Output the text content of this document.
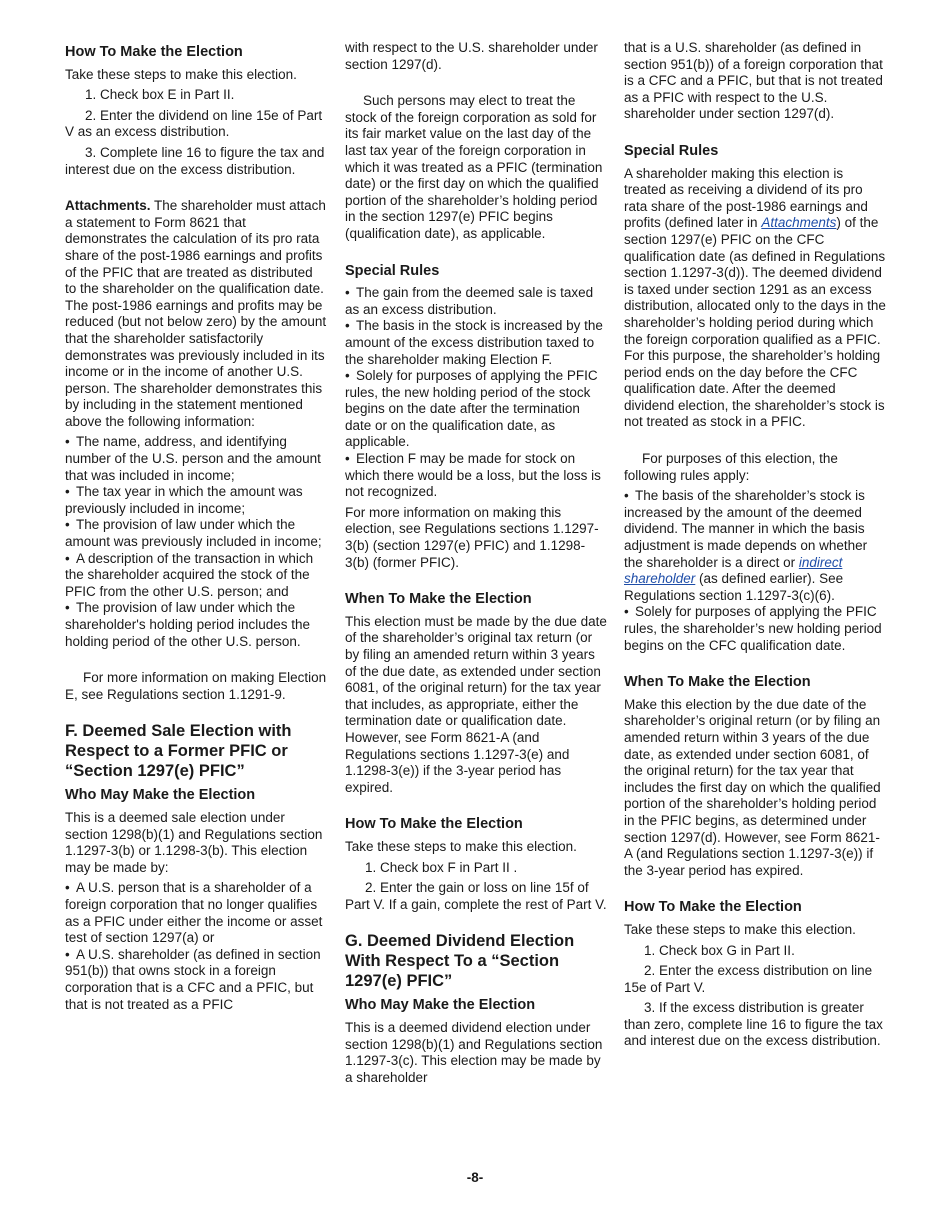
How To Make the Election
Take these steps to make this election.
1. Check box E in Part II.
2. Enter the dividend on line 15e of Part V as an excess distribution.
3. Complete line 16 to figure the tax and interest due on the excess distribution.
Attachments. The shareholder must attach a statement to Form 8621 that demonstrates the calculation of its pro rata share of the post-1986 earnings and profits of the PFIC that are treated as distributed to the shareholder on the qualification date. The post-1986 earnings and profits may be reduced (but not below zero) by the amount that the shareholder satisfactorily demonstrates was previously included in its income or in the income of another U.S. person. The shareholder demonstrates this by including in the statement mentioned above the following information:
• The name, address, and identifying number of the U.S. person and the amount that was included in income;
• The tax year in which the amount was previously included in income;
• The provision of law under which the amount was previously included in income;
• A description of the transaction in which the shareholder acquired the stock of the PFIC from the other U.S. person; and
• The provision of law under which the shareholder's holding period includes the holding period of the other U.S. person.
For more information on making Election E, see Regulations section 1.1291-9.
F. Deemed Sale Election with Respect to a Former PFIC or “Section 1297(e) PFIC”
Who May Make the Election
This is a deemed sale election under section 1298(b)(1) and Regulations section 1.1297-3(b) or 1.1298-3(b). This election may be made by:
• A U.S. person that is a shareholder of a foreign corporation that no longer qualifies as a PFIC under either the income or asset test of section 1297(a) or
• A U.S. shareholder (as defined in section 951(b)) that owns stock in a foreign corporation that is a CFC and a PFIC, but that is not treated as a PFIC
with respect to the U.S. shareholder under section 1297(d).
Such persons may elect to treat the stock of the foreign corporation as sold for its fair market value on the last day of the last tax year of the foreign corporation in which it was treated as a PFIC (termination date) or the first day on which the qualified portion of the shareholder’s holding period in the section 1297(e) PFIC begins (qualification date), as applicable.
Special Rules
• The gain from the deemed sale is taxed as an excess distribution.
• The basis in the stock is increased by the amount of the excess distribution taxed to the shareholder making Election F.
• Solely for purposes of applying the PFIC rules, the new holding period of the stock begins on the date after the termination date or on the qualification date, as applicable.
• Election F may be made for stock on which there would be a loss, but the loss is not recognized.
For more information on making this election, see Regulations sections 1.1297-3(b) (section 1297(e) PFIC) and 1.1298-3(b) (former PFIC).
When To Make the Election
This election must be made by the due date of the shareholder’s original tax return (or by filing an amended return within 3 years of the due date, as extended under section 6081, of the original return) for the tax year that includes, as appropriate, either the termination date or qualification date. However, see Form 8621-A (and Regulations sections 1.1297-3(e) and 1.1298-3(e)) if the 3-year period has expired.
How To Make the Election
Take these steps to make this election.
1. Check box F in Part II .
2. Enter the gain or loss on line 15f of Part V. If a gain, complete the rest of Part V.
G. Deemed Dividend Election With Respect To a “Section 1297(e) PFIC”
Who May Make the Election
This is a deemed dividend election under section 1298(b)(1) and Regulations section 1.1297-3(c). This election may be made by a shareholder
that is a U.S. shareholder (as defined in section 951(b)) of a foreign corporation that is a CFC and a PFIC, but that is not treated as a PFIC with respect to the U.S. shareholder under section 1297(d).
Special Rules
A shareholder making this election is treated as receiving a dividend of its pro rata share of the post-1986 earnings and profits (defined later in Attachments) of the section 1297(e) PFIC on the CFC qualification date (as defined in Regulations section 1.1297-3(d)). The deemed dividend is taxed under section 1291 as an excess distribution, allocated only to the days in the shareholder’s holding period during which the foreign corporation qualified as a PFIC. For this purpose, the shareholder’s holding period ends on the day before the CFC qualification date. After the deemed dividend election, the shareholder’s stock is not treated as stock in a PFIC.
For purposes of this election, the following rules apply:
• The basis of the shareholder’s stock is increased by the amount of the deemed dividend. The manner in which the basis adjustment is made depends on whether the shareholder is a direct or indirect shareholder (as defined earlier). See Regulations section 1.1297-3(c)(6).
• Solely for purposes of applying the PFIC rules, the shareholder’s new holding period begins on the CFC qualification date.
When To Make the Election
Make this election by the due date of the shareholder’s original return (or by filing an amended return within 3 years of the due date, as extended under section 6081, of the original return) for the tax year that includes the first day on which the qualified portion of the shareholder’s holding period in the PFIC begins, as determined under section 1297(d). However, see Form 8621-A (and Regulations section 1.1297-3(e)) if the 3-year period has expired.
How To Make the Election
Take these steps to make this election.
1. Check box G in Part II.
2. Enter the excess distribution on line 15e of Part V.
3. If the excess distribution is greater than zero, complete line 16 to figure the tax and interest due on the excess distribution.
-8-
